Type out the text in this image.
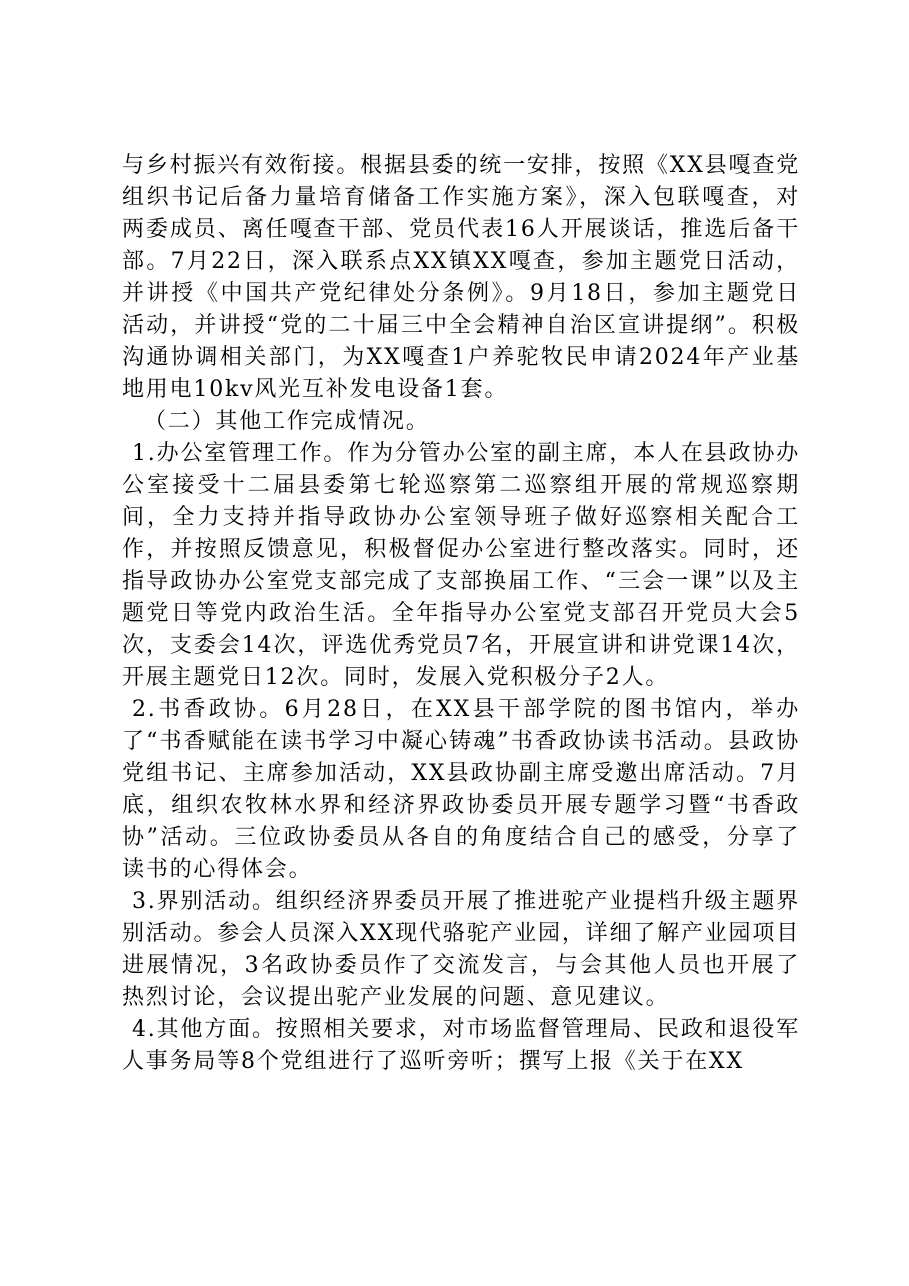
与乡村振兴有效衔接。根据县委的统一安排，按照《XX县嘎查党组织书记后备力量培育储备工作实施方案》，深入包联嘎查，对两委成员、离任嘎查干部、党员代表16人开展谈话，推选后备干部。7月22日，深入联系点XX镇XX嘎查，参加主题党日活动，并讲授《中国共产党纪律处分条例》。9月18日，参加主题党日活动，并讲授“党的二十届三中全会精神自治区宣讲提纲”。积极沟通协调相关部门，为XX嘎查1户养驼牧民申请2024年产业基地用电10kv风光互补发电设备1套。

（二）其他工作完成情况。

1.办公室管理工作。作为分管办公室的副主席，本人在县政协办公室接受十二届县委第七轮巡察第二巡察组开展的常规巡察期间，全力支持并指导政协办公室领导班子做好巡察相关配合工作，并按照反馈意见，积极督促办公室进行整改落实。同时，还指导政协办公室党支部完成了支部换届工作、“三会一课”以及主题党日等党内政治生活。全年指导办公室党支部召开党员大会5次，支委会14次，评选优秀党员7名，开展宣讲和讲党课14次，开展主题党日12次。同时，发展入党积极分子2人。

2.书香政协。6月28日，在XX县干部学院的图书馆内，举办了“书香赋能在读书学习中凝心铸魂”书香政协读书活动。县政协党组书记、主席参加活动，XX县政协副主席受邀出席活动。7月底，组织农牧林水界和经济界政协委员开展专题学习暨“书香政协”活动。三位政协委员从各自的角度结合自己的感受，分享了读书的心得体会。

3.界别活动。组织经济界委员开展了推进驼产业提档升级主题界别活动。参会人员深入XX现代骆驼产业园，详细了解产业园项目进展情况，3名政协委员作了交流发言，与会其他人员也开展了热烈讨论，会议提出驼产业发展的问题、意见建议。

4.其他方面。按照相关要求，对市场监督管理局、民政和退役军人事务局等8个党组进行了巡听旁听；撰写上报《关于在XX
